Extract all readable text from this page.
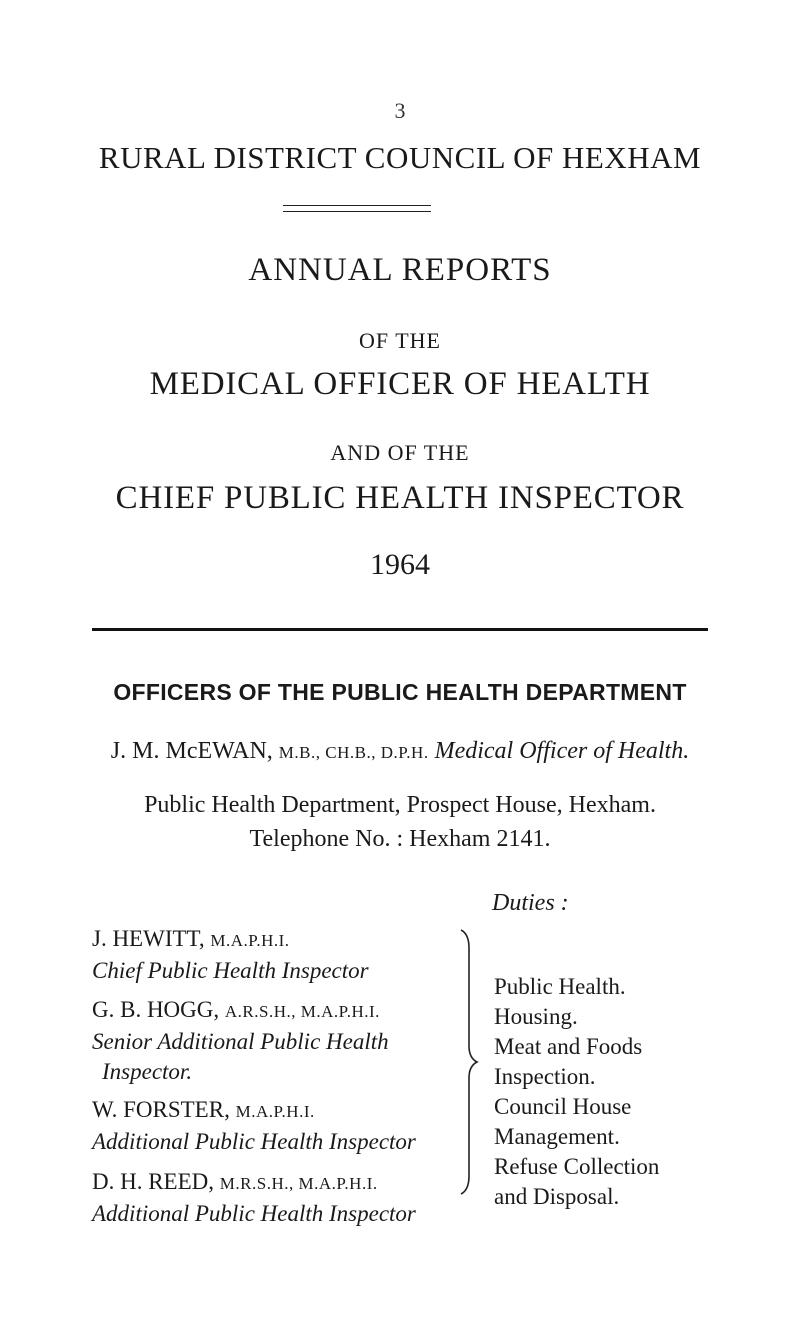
3
RURAL DISTRICT COUNCIL OF HEXHAM
ANNUAL REPORTS
OF THE
MEDICAL OFFICER OF HEALTH
AND OF THE
CHIEF PUBLIC HEALTH INSPECTOR
1964
OFFICERS OF THE PUBLIC HEALTH DEPARTMENT
J. M. McEWAN, M.B., CH.B., D.P.H. Medical Officer of Health.
Public Health Department, Prospect House, Hexham.
Telephone No. : Hexham 2141.
Duties :
J. HEWITT, M.A.P.H.I.
Chief Public Health Inspector
G. B. HOGG, A.R.S.H., M.A.P.H.I.
Senior Additional Public Health
Inspector.
W. FORSTER, M.A.P.H.I.
Additional Public Health Inspector
D. H. REED, M.R.S.H., M.A.P.H.I.
Additional Public Health Inspector
Public Health.
Housing.
Meat and Foods
Inspection.
Council House
Management.
Refuse Collection
and Disposal.
